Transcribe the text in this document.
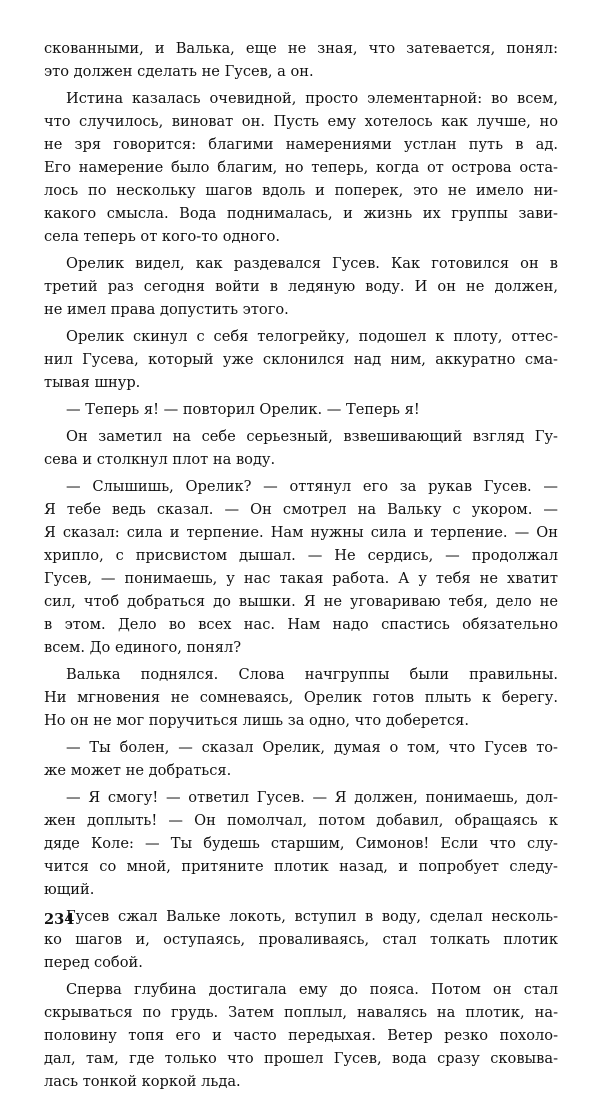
скованными, и Валька, еще не зная, что затевается, понял:
это должен сделать не Гусев, а он.
Истина казалась очевидной, просто элементарной: во всем,
что случилось, виноват он. Пусть ему хотелось как лучше, но
не зря говорится: благими намерениями устлан путь в ад.
Его намерение было благим, но теперь, когда от острова оста-
лось по нескольку шагов вдоль и поперек, это не имело ни-
какого смысла. Вода поднималась, и жизнь их группы зави-
села теперь от кого-то одного.
Орелик видел, как раздевался Гусев. Как готовился он в
третий раз сегодня войти в ледяную воду. И он не должен,
не имел права допустить этого.
Орелик скинул с себя телогрейку, подошел к плоту, оттес-
нил Гусева, который уже склонился над ним, аккуратно сма-
тывая шнур.
— Теперь я! — повторил Орелик. — Теперь я!
Он заметил на себе серьезный, взвешивающий взгляд Гу-
сева и столкнул плот на воду.
— Слышишь, Орелик? — оттянул его за рукав Гусев. —
Я тебе ведь сказал. — Он смотрел на Вальку с укором. —
Я сказал: сила и терпение. Нам нужны сила и терпение. — Он
хрипло, с присвистом дышал. — Не сердись, — продолжал
Гусев, — понимаешь, у нас такая работа. А у тебя не хватит
сил, чтоб добраться до вышки. Я не уговариваю тебя, дело не
в этом. Дело во всех нас. Нам надо спастись обязательно
всем. До единого, понял?
Валька поднялся. Слова начгруппы были правильны.
Ни мгновения не сомневаясь, Орелик готов плыть к берегу.
Но он не мог поручиться лишь за одно, что доберется.
— Ты болен, — сказал Орелик, думая о том, что Гусев то-
же может не добраться.
— Я смогу! — ответил Гусев. — Я должен, понимаешь, дол-
жен доплыть! — Он помолчал, потом добавил, обращаясь к
дяде Коле: — Ты будешь старшим, Симонов! Если что слу-
чится со мной, притяните плотик назад, и попробует следу-
ющий.
Гусев сжал Вальке локоть, вступил в воду, сделал несколь-
ко шагов и, оступаясь, проваливаясь, стал толкать плотик
перед собой.
Сперва глубина достигала ему до пояса. Потом он стал
скрываться по грудь. Затем поплыл, навалясь на плотик, на-
половину топя его и часто передыхая. Ветер резко похоло-
дал, там, где только что прошел Гусев, вода сразу сковыва-
лась тонкой коркой льда.
234
